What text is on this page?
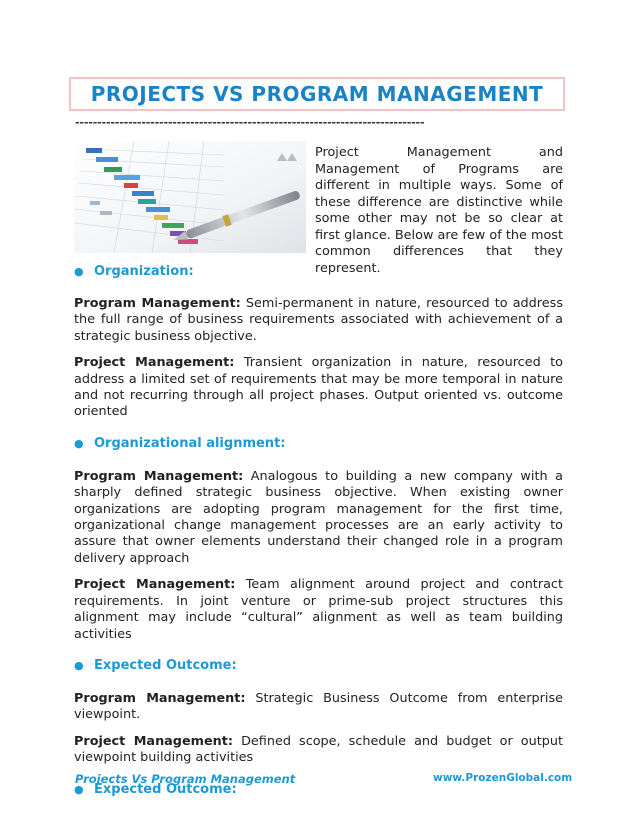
PROJECTS VS PROGRAM MANAGEMENT
-------------------------------------------------------------------------------
Project Management and Management of Programs are different in multiple ways. Some of these difference are distinctive while some other may not be so clear at first glance. Below are few of the most common differences that they represent.
● Organization:

Program Management: Semi-permanent in nature, resourced to address the full range of business requirements associated with achievement of a strategic business objective.

Project Management: Transient organization in nature, resourced to address a limited set of requirements that may be more temporal in nature and not recurring through all project phases. Output oriented vs. outcome oriented

● Organizational alignment:

Program Management: Analogous to building a new company with a sharply defined strategic business objective. When existing owner organizations are adopting program management for the first time, organizational change management processes are an early activity to assure that owner elements understand their changed role in a program delivery approach

Project Management: Team alignment around project and contract requirements. In joint venture or prime-sub project structures this alignment may include “cultural” alignment as well as team building activities

● Expected Outcome:

Program Management: Strategic Business Outcome from enterprise viewpoint.

Project Management: Defined scope, schedule and budget or output viewpoint building activities

● Expected Outcome:
Projects Vs Program Management	www.ProzenGlobal.com
